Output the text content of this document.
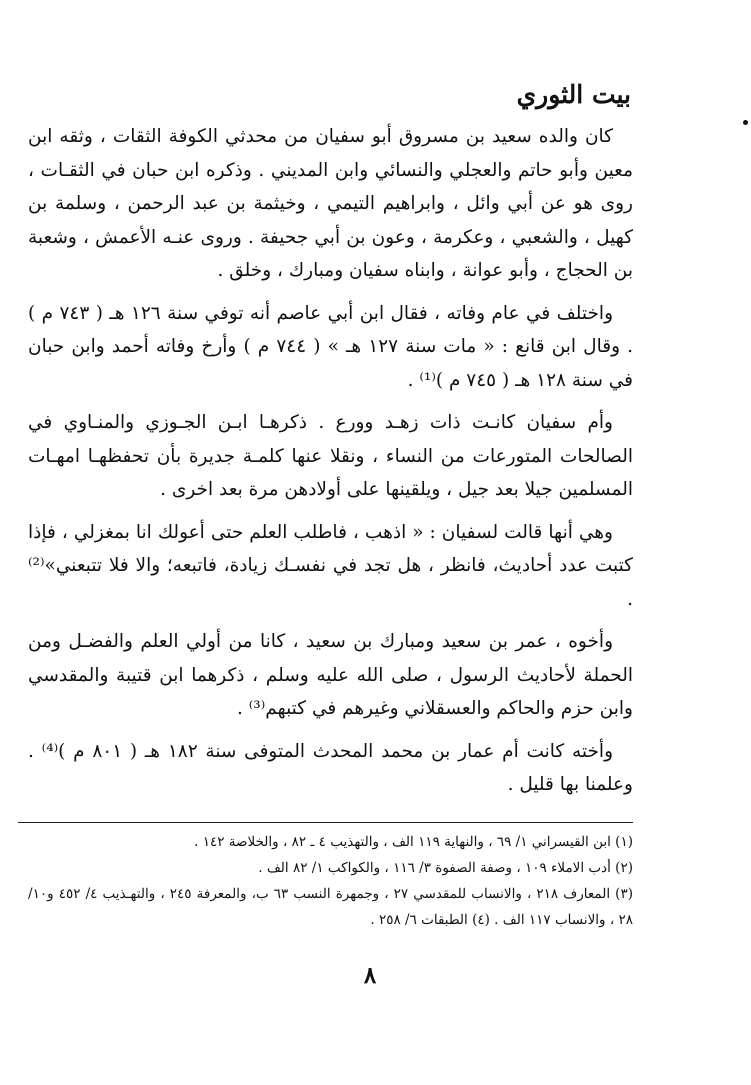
بيت الثوري

كان والده سعيد بن مسروق أبو سفيان من محدثي الكوفة الثقات ، وثقه ابن معين وأبو حاتم والعجلي والنسائي وابن المديني . وذكره ابن حبان في الثقـات ، روى هو عن أبي وائل ، وابراهيم التيمي ، وخيثمة بن عبد الرحمن ، وسلمة بن كهيل ، والشعبي ، وعكرمة ، وعون بن أبي جحيفة . وروى عنـه الأعمش ، وشعبة بن الحجاج ، وأبو عوانة ، وابناه سفيان ومبارك ، وخلق .

واختلف في عام وفاته ، فقال ابن أبي عاصم أنه توفي سنة ١٢٦ هـ ( ٧٤٣ م ) . وقال ابن قانع : « مات سنة ١٢٧ هـ » ( ٧٤٤ م ) وأرخ وفاته أحمد وابن حبان في سنة ١٢٨ هـ ( ٧٤٥ م )⁽¹⁾ .

وأم سفيان كانـت ذات زهـد وورع . ذكرهـا ابـن الجـوزي والمنـاوي في الصالحات المتورعات من النساء ، ونقلا عنها كلمـة جديرة بأن تحفظهـا امهـات المسلمين جيلا بعد جيل ، ويلقينها على أولادهن مرة بعد اخرى .

وهي أنها قالت لسفيان : « اذهب ، فاطلب العلم حتى أعولك انا بمغزلي ، فإذا كتبت عدد أحاديث، فانظر ، هل تجد في نفسـك زيادة، فاتبعه؛ والا فلا تتبعني»⁽²⁾ .

وأخوه ، عمر بن سعيد ومبارك بن سعيد ، كانا من أولي العلم والفضـل ومن الحملة لأحاديث الرسول ، صلى الله عليه وسلم ، ذكرهما ابن قتيبة والمقدسي وابن حزم والحاكم والعسقلاني وغيرهم في كتبهم⁽³⁾ .

وأخته كانت أم عمار بن محمد المحدث المتوفى سنة ١٨٢ هـ ( ٨٠١ م )⁽⁴⁾ . وعلمنا بها قليل .

(١) ابن القيسراني ١/ ٦٩ ، والنهاية ١١٩ الف ، والتهذيب ٤ ـ ٨٢ ، والخلاصة ١٤٢ .
(٢) أدب الاملاء ١٠٩ ، وصفة الصفوة ٣/ ١١٦ ، والكواكب ١/ ٨٢ الف .
(٣) المعارف ٢١٨ ، والانساب للمقدسي ٢٧ ، وجمهرة النسب ٦٣ ب، والمعرفة ٢٤٥ ، والتهـذيب ٤/ ٤٥٢ و١٠/ ٢٨ ، والانساب ١١٧ الف . (٤) الطبقات ٦/ ٢٥٨ .
٨
